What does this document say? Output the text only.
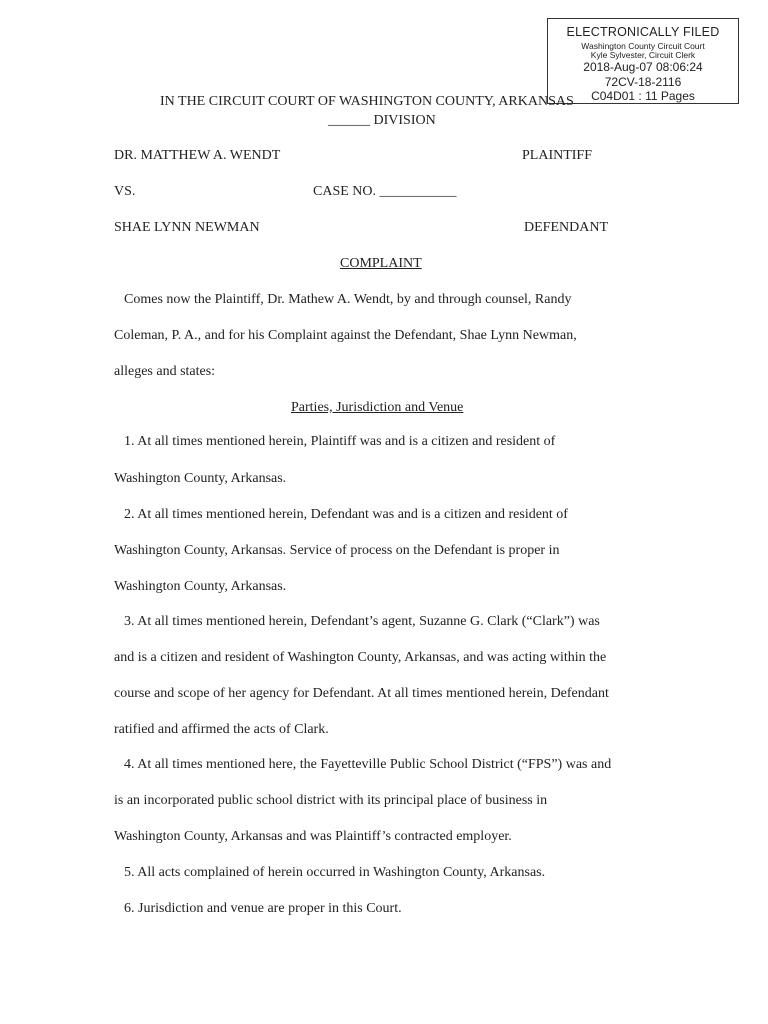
ELECTRONICALLY FILED
Washington County Circuit Court
Kyle Sylvester, Circuit Clerk
2018-Aug-07 08:06:24
72CV-18-2116
C04D01 : 11 Pages
IN THE CIRCUIT COURT OF WASHINGTON COUNTY, ARKANSAS
______ DIVISION
DR. MATTHEW A. WENDT	PLAINTIFF
VS.	CASE NO. ___________
SHAE LYNN NEWMAN	DEFENDANT
COMPLAINT
Comes now the Plaintiff, Dr. Mathew A. Wendt, by and through counsel, Randy
Coleman, P. A., and for his Complaint against the Defendant, Shae Lynn Newman,
alleges and states:
Parties, Jurisdiction and Venue
1. At all times mentioned herein, Plaintiff was and is a citizen and resident of
Washington County, Arkansas.
2. At all times mentioned herein, Defendant was and is a citizen and resident of
Washington County, Arkansas. Service of process on the Defendant is proper in
Washington County, Arkansas.
3. At all times mentioned herein, Defendant’s agent, Suzanne G. Clark (“Clark”) was
and is a citizen and resident of Washington County, Arkansas, and was acting within the
course and scope of her agency for Defendant. At all times mentioned herein, Defendant
ratified and affirmed the acts of Clark.
4. At all times mentioned here, the Fayetteville Public School District (“FPS”) was and
is an incorporated public school district with its principal place of business in
Washington County, Arkansas and was Plaintiff’s contracted employer.
5. All acts complained of herein occurred in Washington County, Arkansas.
6. Jurisdiction and venue are proper in this Court.
